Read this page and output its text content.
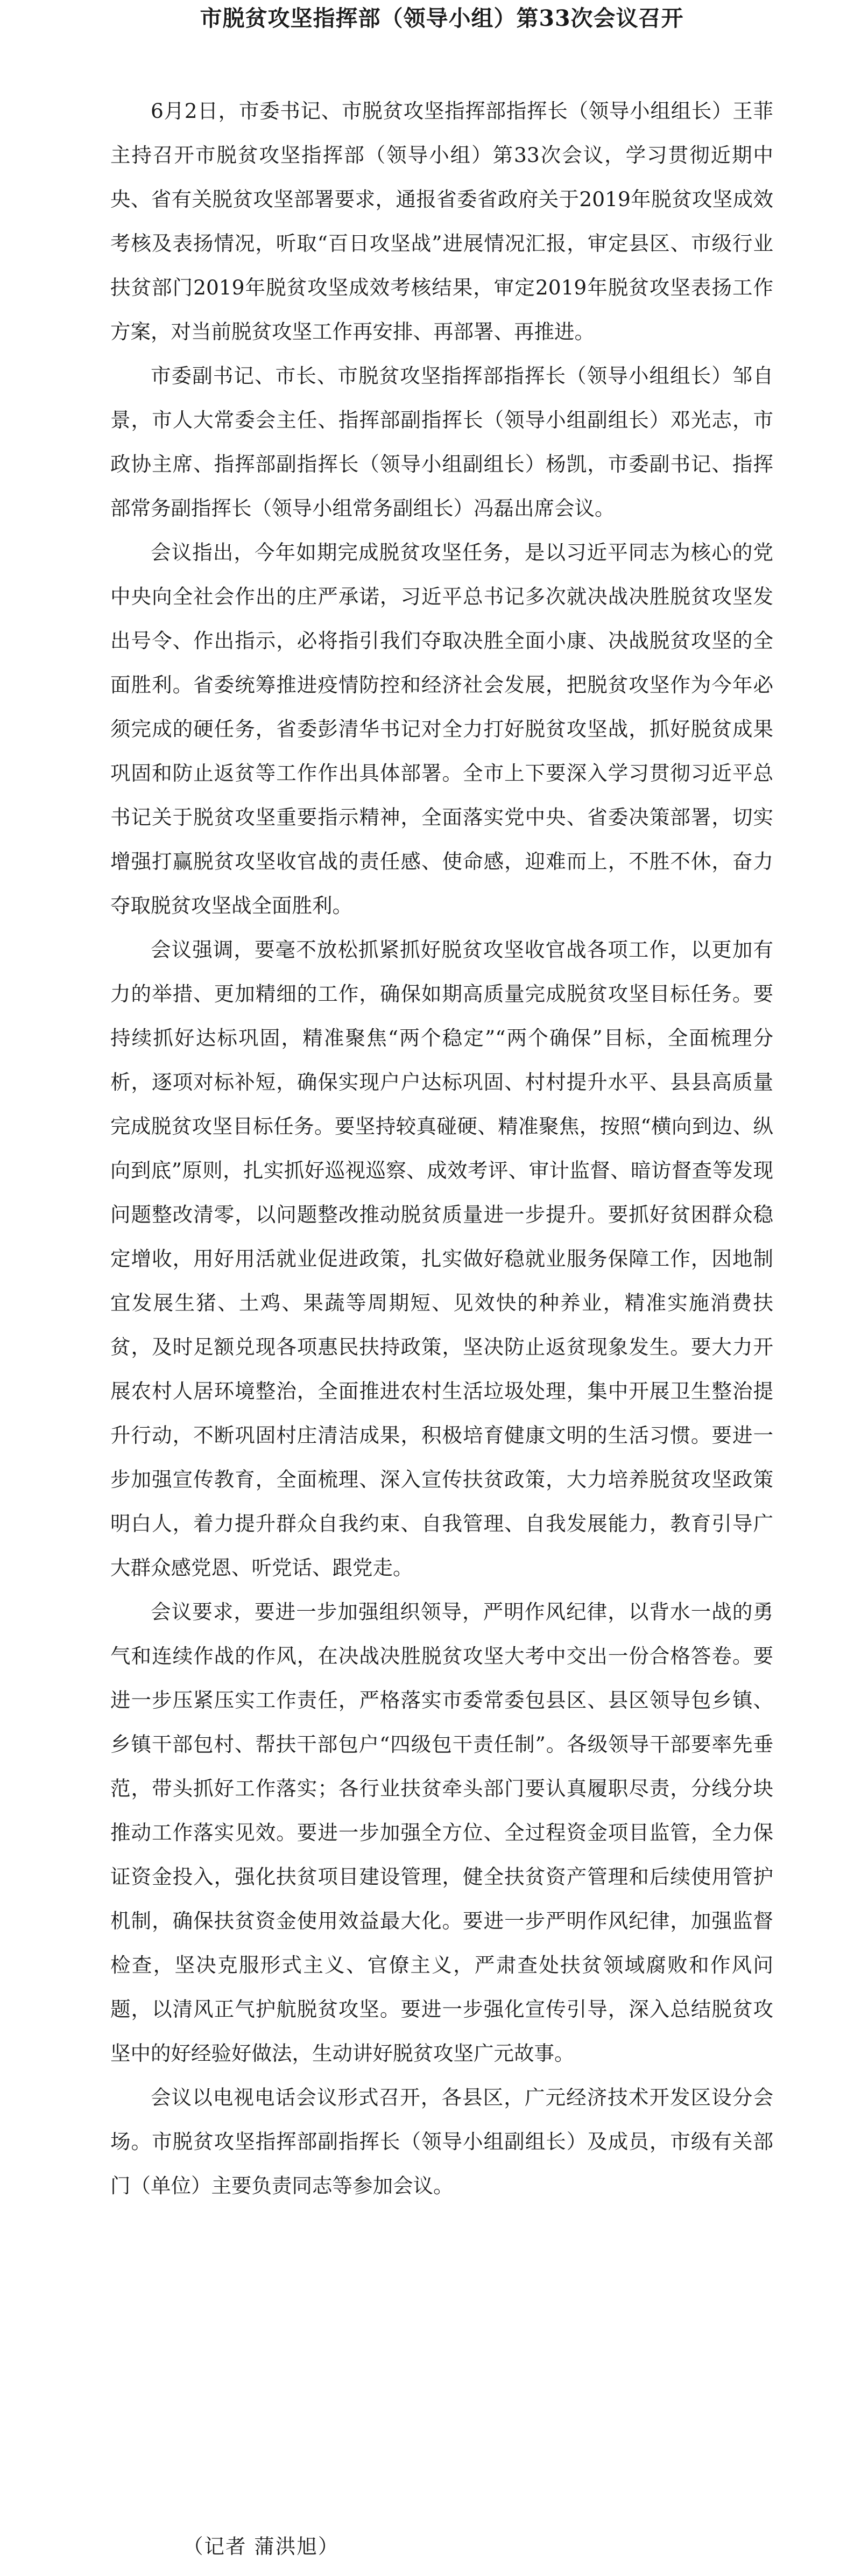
市脱贫攻坚指挥部（领导小组）第33次会议召开

6月2日，市委书记、市脱贫攻坚指挥部指挥长（领导小组组长）王菲主持召开市脱贫攻坚指挥部（领导小组）第33次会议，学习贯彻近期中央、省有关脱贫攻坚部署要求，通报省委省政府关于2019年脱贫攻坚成效考核及表扬情况，听取“百日攻坚战”进展情况汇报，审定县区、市级行业扶贫部门2019年脱贫攻坚成效考核结果，审定2019年脱贫攻坚表扬工作方案，对当前脱贫攻坚工作再安排、再部署、再推进。

市委副书记、市长、市脱贫攻坚指挥部指挥长（领导小组组长）邹自景，市人大常委会主任、指挥部副指挥长（领导小组副组长）邓光志，市政协主席、指挥部副指挥长（领导小组副组长）杨凯，市委副书记、指挥部常务副指挥长（领导小组常务副组长）冯磊出席会议。

会议指出，今年如期完成脱贫攻坚任务，是以习近平同志为核心的党中央向全社会作出的庄严承诺，习近平总书记多次就决战决胜脱贫攻坚发出号令、作出指示，必将指引我们夺取决胜全面小康、决战脱贫攻坚的全面胜利。省委统筹推进疫情防控和经济社会发展，把脱贫攻坚作为今年必须完成的硬任务，省委彭清华书记对全力打好脱贫攻坚战，抓好脱贫成果巩固和防止返贫等工作作出具体部署。全市上下要深入学习贯彻习近平总书记关于脱贫攻坚重要指示精神，全面落实党中央、省委决策部署，切实增强打赢脱贫攻坚收官战的责任感、使命感，迎难而上，不胜不休，奋力夺取脱贫攻坚战全面胜利。

会议强调，要毫不放松抓紧抓好脱贫攻坚收官战各项工作，以更加有力的举措、更加精细的工作，确保如期高质量完成脱贫攻坚目标任务。要持续抓好达标巩固，精准聚焦“两个稳定”“两个确保”目标，全面梳理分析，逐项对标补短，确保实现户户达标巩固、村村提升水平、县县高质量完成脱贫攻坚目标任务。要坚持较真碰硬、精准聚焦，按照“横向到边、纵向到底”原则，扎实抓好巡视巡察、成效考评、审计监督、暗访督查等发现问题整改清零，以问题整改推动脱贫质量进一步提升。要抓好贫困群众稳定增收，用好用活就业促进政策，扎实做好稳就业服务保障工作，因地制宜发展生猪、土鸡、果蔬等周期短、见效快的种养业，精准实施消费扶贫，及时足额兑现各项惠民扶持政策，坚决防止返贫现象发生。要大力开展农村人居环境整治，全面推进农村生活垃圾处理，集中开展卫生整治提升行动，不断巩固村庄清洁成果，积极培育健康文明的生活习惯。要进一步加强宣传教育，全面梳理、深入宣传扶贫政策，大力培养脱贫攻坚政策明白人，着力提升群众自我约束、自我管理、自我发展能力，教育引导广大群众感党恩、听党话、跟党走。

会议要求，要进一步加强组织领导，严明作风纪律，以背水一战的勇气和连续作战的作风，在决战决胜脱贫攻坚大考中交出一份合格答卷。要进一步压紧压实工作责任，严格落实市委常委包县区、县区领导包乡镇、乡镇干部包村、帮扶干部包户“四级包干责任制”。各级领导干部要率先垂范，带头抓好工作落实；各行业扶贫牵头部门要认真履职尽责，分线分块推动工作落实见效。要进一步加强全方位、全过程资金项目监管，全力保证资金投入，强化扶贫项目建设管理，健全扶贫资产管理和后续使用管护机制，确保扶贫资金使用效益最大化。要进一步严明作风纪律，加强监督检查，坚决克服形式主义、官僚主义，严肃查处扶贫领域腐败和作风问题，以清风正气护航脱贫攻坚。要进一步强化宣传引导，深入总结脱贫攻坚中的好经验好做法，生动讲好脱贫攻坚广元故事。

会议以电视电话会议形式召开，各县区，广元经济技术开发区设分会场。市脱贫攻坚指挥部副指挥长（领导小组副组长）及成员，市级有关部门（单位）主要负责同志等参加会议。

（记者 蒲洪旭）
